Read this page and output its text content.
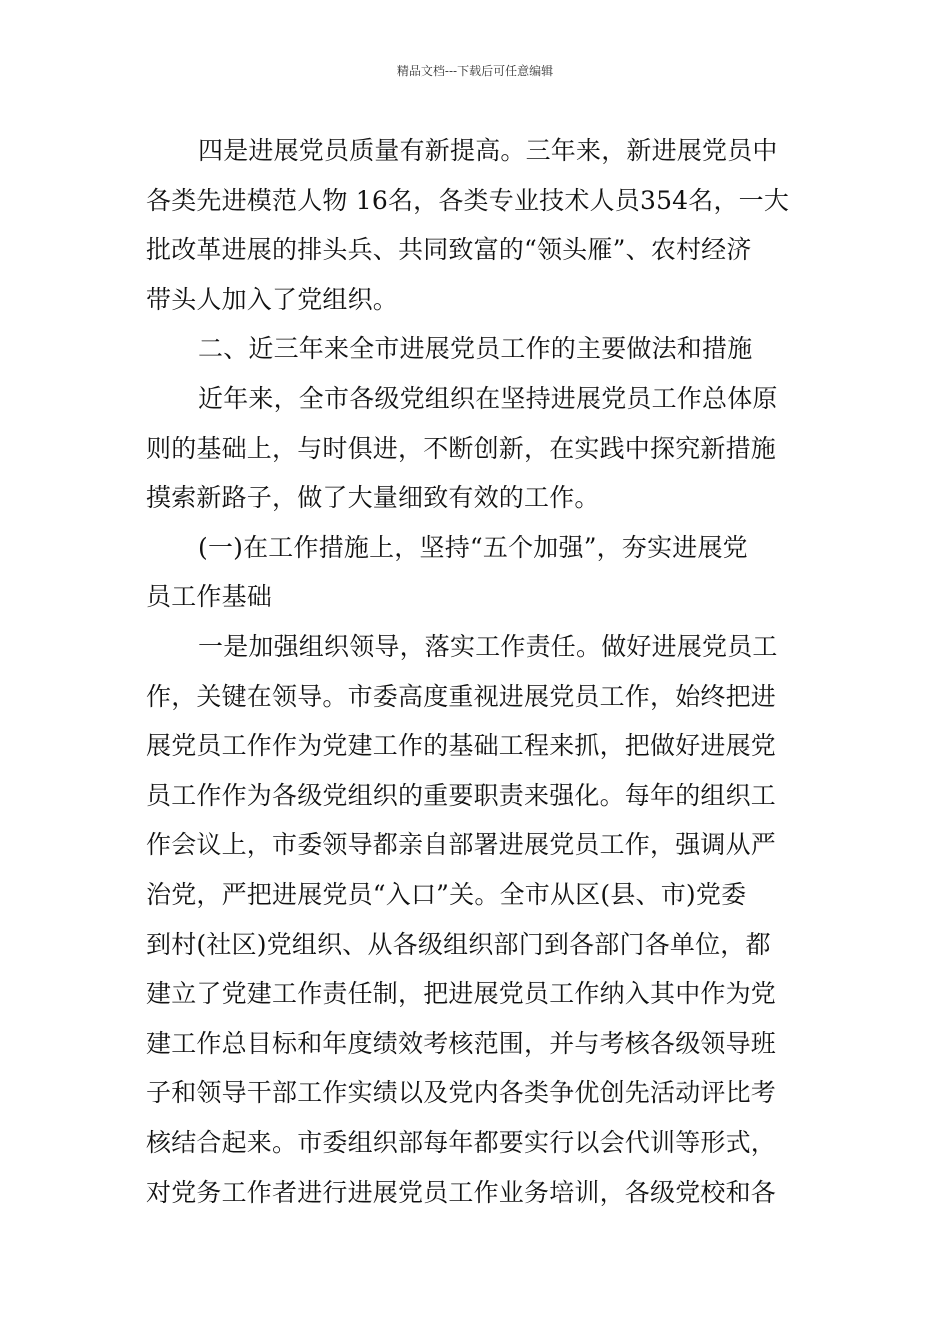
精品文档---下载后可任意编辑
四是进展党员质量有新提高。三年来，新进展党员中
各类先进模范人物 16名，各类专业技术人员354名，一大
批改革进展的排头兵、共同致富的“领头雁”、农村经济
带头人加入了党组织。
二、近三年来全市进展党员工作的主要做法和措施
近年来，全市各级党组织在坚持进展党员工作总体原
则的基础上，与时俱进，不断创新，在实践中探究新措施
摸索新路子，做了大量细致有效的工作。
(一)在工作措施上，坚持“五个加强”，夯实进展党
员工作基础
一是加强组织领导，落实工作责任。做好进展党员工
作，关键在领导。市委高度重视进展党员工作，始终把进
展党员工作作为党建工作的基础工程来抓，把做好进展党
员工作作为各级党组织的重要职责来强化。每年的组织工
作会议上，市委领导都亲自部署进展党员工作，强调从严
治党，严把进展党员“入口”关。全市从区(县、市)党委
到村(社区)党组织、从各级组织部门到各部门各单位，都
建立了党建工作责任制，把进展党员工作纳入其中作为党
建工作总目标和年度绩效考核范围，并与考核各级领导班
子和领导干部工作实绩以及党内各类争优创先活动评比考
核结合起来。市委组织部每年都要实行以会代训等形式，
对党务工作者进行进展党员工作业务培训，各级党校和各
